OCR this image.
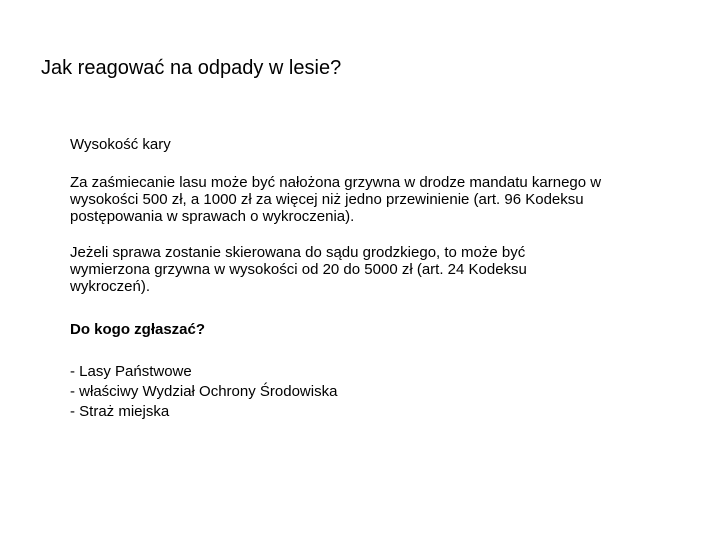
Jak reagować na odpady w lesie?
Wysokość kary
Za zaśmiecanie lasu może być nałożona grzywna w drodze mandatu karnego w
wysokości 500 zł, a 1000 zł za więcej niż jedno przewinienie (art. 96 Kodeksu
postępowania w sprawach o wykroczenia).
Jeżeli sprawa zostanie skierowana do sądu grodzkiego, to może być
wymierzona grzywna w wysokości od 20 do 5000 zł (art. 24 Kodeksu
wykroczeń).
Do kogo zgłaszać?
- Lasy Państwowe
- właściwy Wydział Ochrony Środowiska
- Straż miejska
